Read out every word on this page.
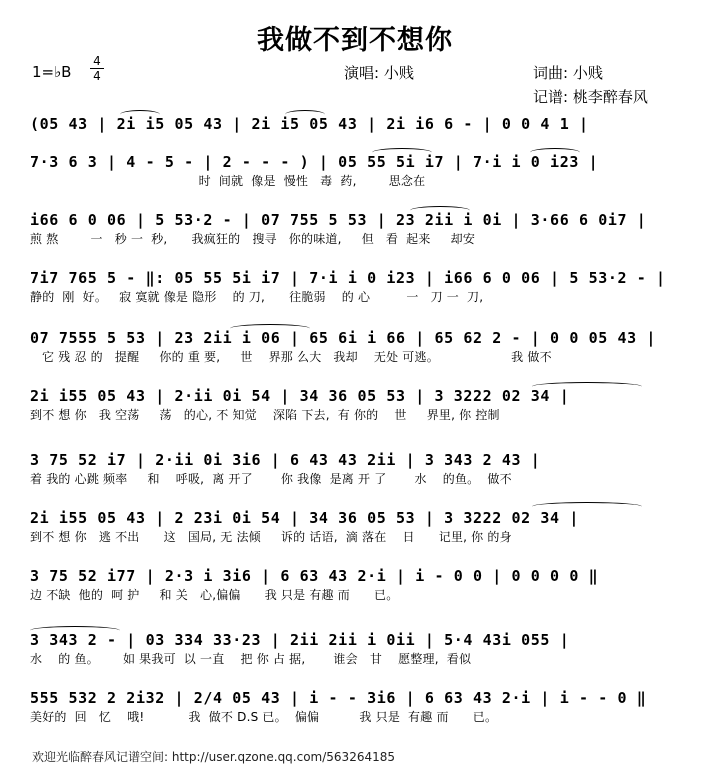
我做不到不想你
1=♭B
4
4	演唱: 小贱	词曲: 小贱
记谱: 桃李醉春风
(05 43 | 2i i5 05 43 | 2i i5 05 43 | 2i i6 6 - | 0 0 4 1 |
7·3 6 3 | 4 - 5 - | 2 - - - ) | 05 55 5i i7 | 7·i i 0 i23 |
时  间就  像是  慢性   毒  药,        思念在
i66 6 0 06 | 5 53·2 - | 07 755 5 53 | 23 2ii i 0i | 3·66 6 0i7 |
煎 熬        一   秒 一  秒,      我疯狂的   搜寻   你的味道,     但   看  起来     却安
7i7 765 5 - ‖: 05 55 5i i7 | 7·i i 0 i23 | i66 6 0 06 | 5 53·2 - |
静的  刚  好。   寂 寞就 像是 隐形    的 刀,      往脆弱    的 心         一   刀 一  刀,
07 7555 5 53 | 23 2ii i 06 | 65 6i i 66 | 65 62 2 - | 0 0 05 43 |
它 残 忍 的   提醒     你的 重 要,     世    界那 么大   我却    无处 可逃。                  我 做不
2i i55 05 43 | 2·ii 0i 54 | 34 36 05 53 | 3 3222 02 34 |
到不 想 你   我 空荡     荡   的心, 不 知觉    深陷 下去,  有 你的    世     界里, 你 控制
3 75 52 i7 | 2·ii 0i 3i6 | 6 43 43 2ii | 3 343 2 43 |
着 我的 心跳 频率     和    呼吸,  离 开了       你 我像  是离 开 了       水    的鱼。  做不
2i i55 05 43 | 2 23i 0i 54 | 34 36 05 53 | 3 3222 02 34 |
到不 想 你   逃 不出      这   国局, 无 法倾     诉的 话语,  滴 落在    日      记里, 你 的身
3 75 52 i77 | 2·3 i 3i6 | 6 63 43 2·i | i - 0 0 | 0 0 0 0 ‖
边 不缺  他的  呵 护     和 关   心,偏偏      我 只是 有趣 而      已。
3 343 2 - | 03 334 33·23 | 2ii 2ii i 0ii | 5·4 43i 055 |
水    的 鱼。      如 果我可  以 一直    把 你 占 据,       谁会   甘    愿整理,  看似
555 532 2 2i32 | 2/4 05 43 | i - - 3i6 | 6 63 43 2·i | i - - 0 ‖
美好的  回   忆    哦!           我  做不 D.S 已。  偏偏          我 只是  有趣 而      已。
欢迎光临醉春风记谱空间: http://user.qzone.qq.com/563264185
